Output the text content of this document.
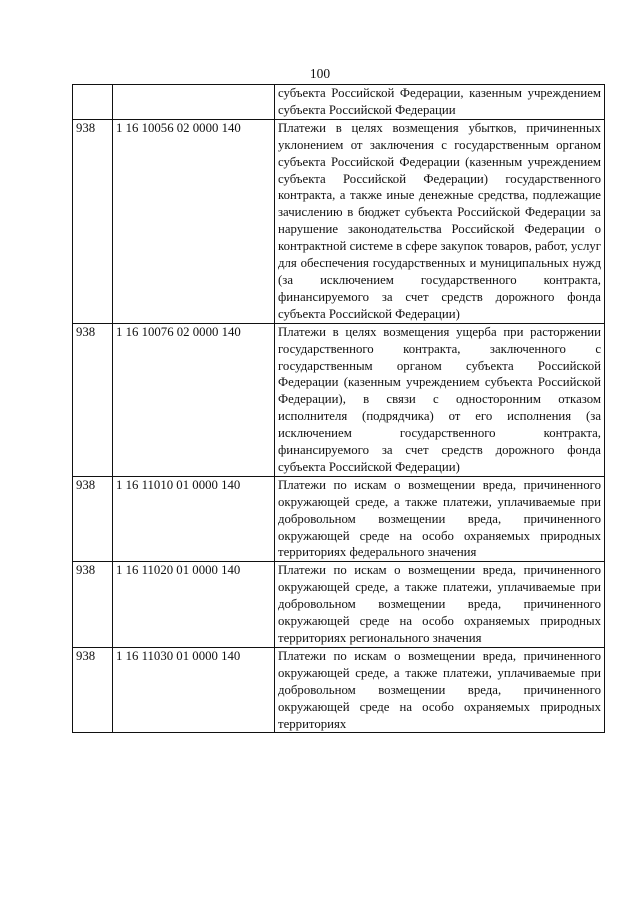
100
		субъекта Российской Федерации, казенным учреждением субъекта Российской Федерации
938	1 16 10056 02 0000 140	Платежи в целях возмещения убытков, причиненных уклонением от заключения с государственным органом субъекта Российской Федерации (казенным учреждением субъекта Российской Федерации) государственного контракта, а также иные денежные средства, подлежащие зачислению в бюджет субъекта Российской Федерации за нарушение законодательства Российской Федерации о контрактной системе в сфере закупок товаров, работ, услуг для обеспечения государственных и муниципальных нужд (за исключением государственного контракта, финансируемого за счет средств дорожного фонда субъекта Российской Федерации)
938	1 16 10076 02 0000 140	Платежи в целях возмещения ущерба при расторжении государственного контракта, заключенного с государственным органом субъекта Российской Федерации (казенным учреждением субъекта Российской Федерации), в связи с односторонним отказом исполнителя (подрядчика) от его исполнения (за исключением государственного контракта, финансируемого за счет средств дорожного фонда субъекта Российской Федерации)
938	1 16 11010 01 0000 140	Платежи по искам о возмещении вреда, причиненного окружающей среде, а также платежи, уплачиваемые при добровольном возмещении вреда, причиненного окружающей среде на особо охраняемых природных территориях федерального значения
938	1 16 11020 01 0000 140	Платежи по искам о возмещении вреда, причиненного окружающей среде, а также платежи, уплачиваемые при добровольном возмещении вреда, причиненного окружающей среде на особо охраняемых природных территориях регионального значения
938	1 16 11030 01 0000 140	Платежи по искам о возмещении вреда, причиненного окружающей среде, а также платежи, уплачиваемые при добровольном возмещении вреда, причиненного окружающей среде на особо охраняемых природных территориях
